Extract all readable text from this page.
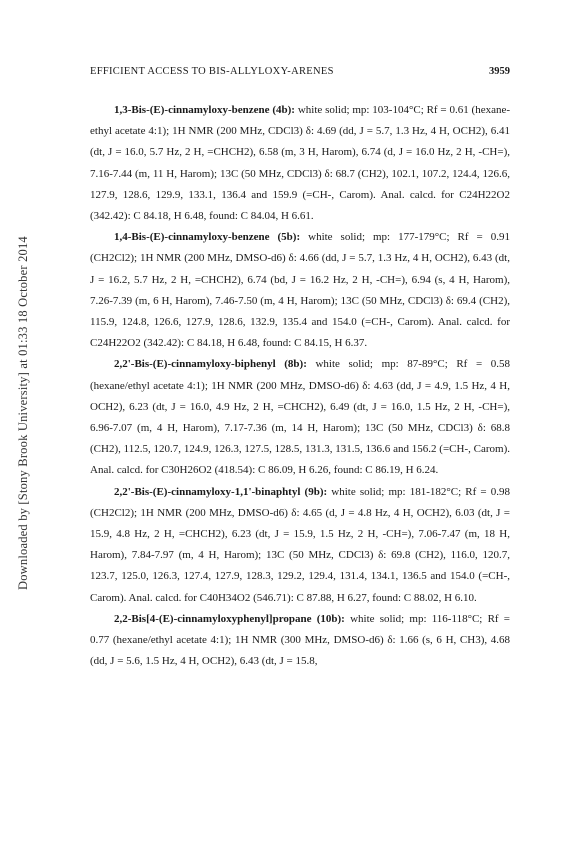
Downloaded by [Stony Brook University] at 01:33 18 October 2014
EFFICIENT ACCESS TO BIS-ALLYLOXY-ARENES	3959

1,3-Bis-(E)-cinnamyloxy-benzene (4b): white solid; mp: 103-104°C; Rf = 0.61 (hexane-ethyl acetate 4:1); 1H NMR (200 MHz, CDCl3) δ: 4.69 (dd, J = 5.7, 1.3 Hz, 4 H, OCH2), 6.41 (dt, J = 16.0, 5.7 Hz, 2 H, =CHCH2), 6.58 (m, 3 H, Harom), 6.74 (d, J = 16.0 Hz, 2 H, -CH=), 7.16-7.44 (m, 11 H, Harom); 13C (50 MHz, CDCl3) δ: 68.7 (CH2), 102.1, 107.2, 124.4, 126.6, 127.9, 128.6, 129.9, 133.1, 136.4 and 159.9 (=CH-, Carom). Anal. calcd. for C24H22O2 (342.42): C 84.18, H 6.48, found: C 84.04, H 6.61.

1,4-Bis-(E)-cinnamyloxy-benzene (5b): white solid; mp: 177-179°C; Rf = 0.91 (CH2Cl2); 1H NMR (200 MHz, DMSO-d6) δ: 4.66 (dd, J = 5.7, 1.3 Hz, 4 H, OCH2), 6.43 (dt, J = 16.2, 5.7 Hz, 2 H, =CHCH2), 6.74 (bd, J = 16.2 Hz, 2 H, -CH=), 6.94 (s, 4 H, Harom), 7.26-7.39 (m, 6 H, Harom), 7.46-7.50 (m, 4 H, Harom); 13C (50 MHz, CDCl3) δ: 69.4 (CH2), 115.9, 124.8, 126.6, 127.9, 128.6, 132.9, 135.4 and 154.0 (=CH-, Carom). Anal. calcd. for C24H22O2 (342.42): C 84.18, H 6.48, found: C 84.15, H 6.37.

2,2'-Bis-(E)-cinnamyloxy-biphenyl (8b): white solid; mp: 87-89°C; Rf = 0.58 (hexane/ethyl acetate 4:1); 1H NMR (200 MHz, DMSO-d6) δ: 4.63 (dd, J = 4.9, 1.5 Hz, 4 H, OCH2), 6.23 (dt, J = 16.0, 4.9 Hz, 2 H, =CHCH2), 6.49 (dt, J = 16.0, 1.5 Hz, 2 H, -CH=), 6.96-7.07 (m, 4 H, Harom), 7.17-7.36 (m, 14 H, Harom); 13C (50 MHz, CDCl3) δ: 68.8 (CH2), 112.5, 120.7, 124.9, 126.3, 127.5, 128.5, 131.3, 131.5, 136.6 and 156.2 (=CH-, Carom). Anal. calcd. for C30H26O2 (418.54): C 86.09, H 6.26, found: C 86.19, H 6.24.

2,2'-Bis-(E)-cinnamyloxy-1,1'-binaphtyl (9b): white solid; mp: 181-182°C; Rf = 0.98 (CH2Cl2); 1H NMR (200 MHz, DMSO-d6) δ: 4.65 (d, J = 4.8 Hz, 4 H, OCH2), 6.03 (dt, J = 15.9, 4.8 Hz, 2 H, =CHCH2), 6.23 (dt, J = 15.9, 1.5 Hz, 2 H, -CH=), 7.06-7.47 (m, 18 H, Harom), 7.84-7.97 (m, 4 H, Harom); 13C (50 MHz, CDCl3) δ: 69.8 (CH2), 116.0, 120.7, 123.7, 125.0, 126.3, 127.4, 127.9, 128.3, 129.2, 129.4, 131.4, 134.1, 136.5 and 154.0 (=CH-, Carom). Anal. calcd. for C40H34O2 (546.71): C 87.88, H 6.27, found: C 88.02, H 6.10.

2,2-Bis[4-(E)-cinnamyloxyphenyl]propane (10b): white solid; mp: 116-118°C; Rf = 0.77 (hexane/ethyl acetate 4:1); 1H NMR (300 MHz, DMSO-d6) δ: 1.66 (s, 6 H, CH3), 4.68 (dd, J = 5.6, 1.5 Hz, 4 H, OCH2), 6.43 (dt, J = 15.8,
